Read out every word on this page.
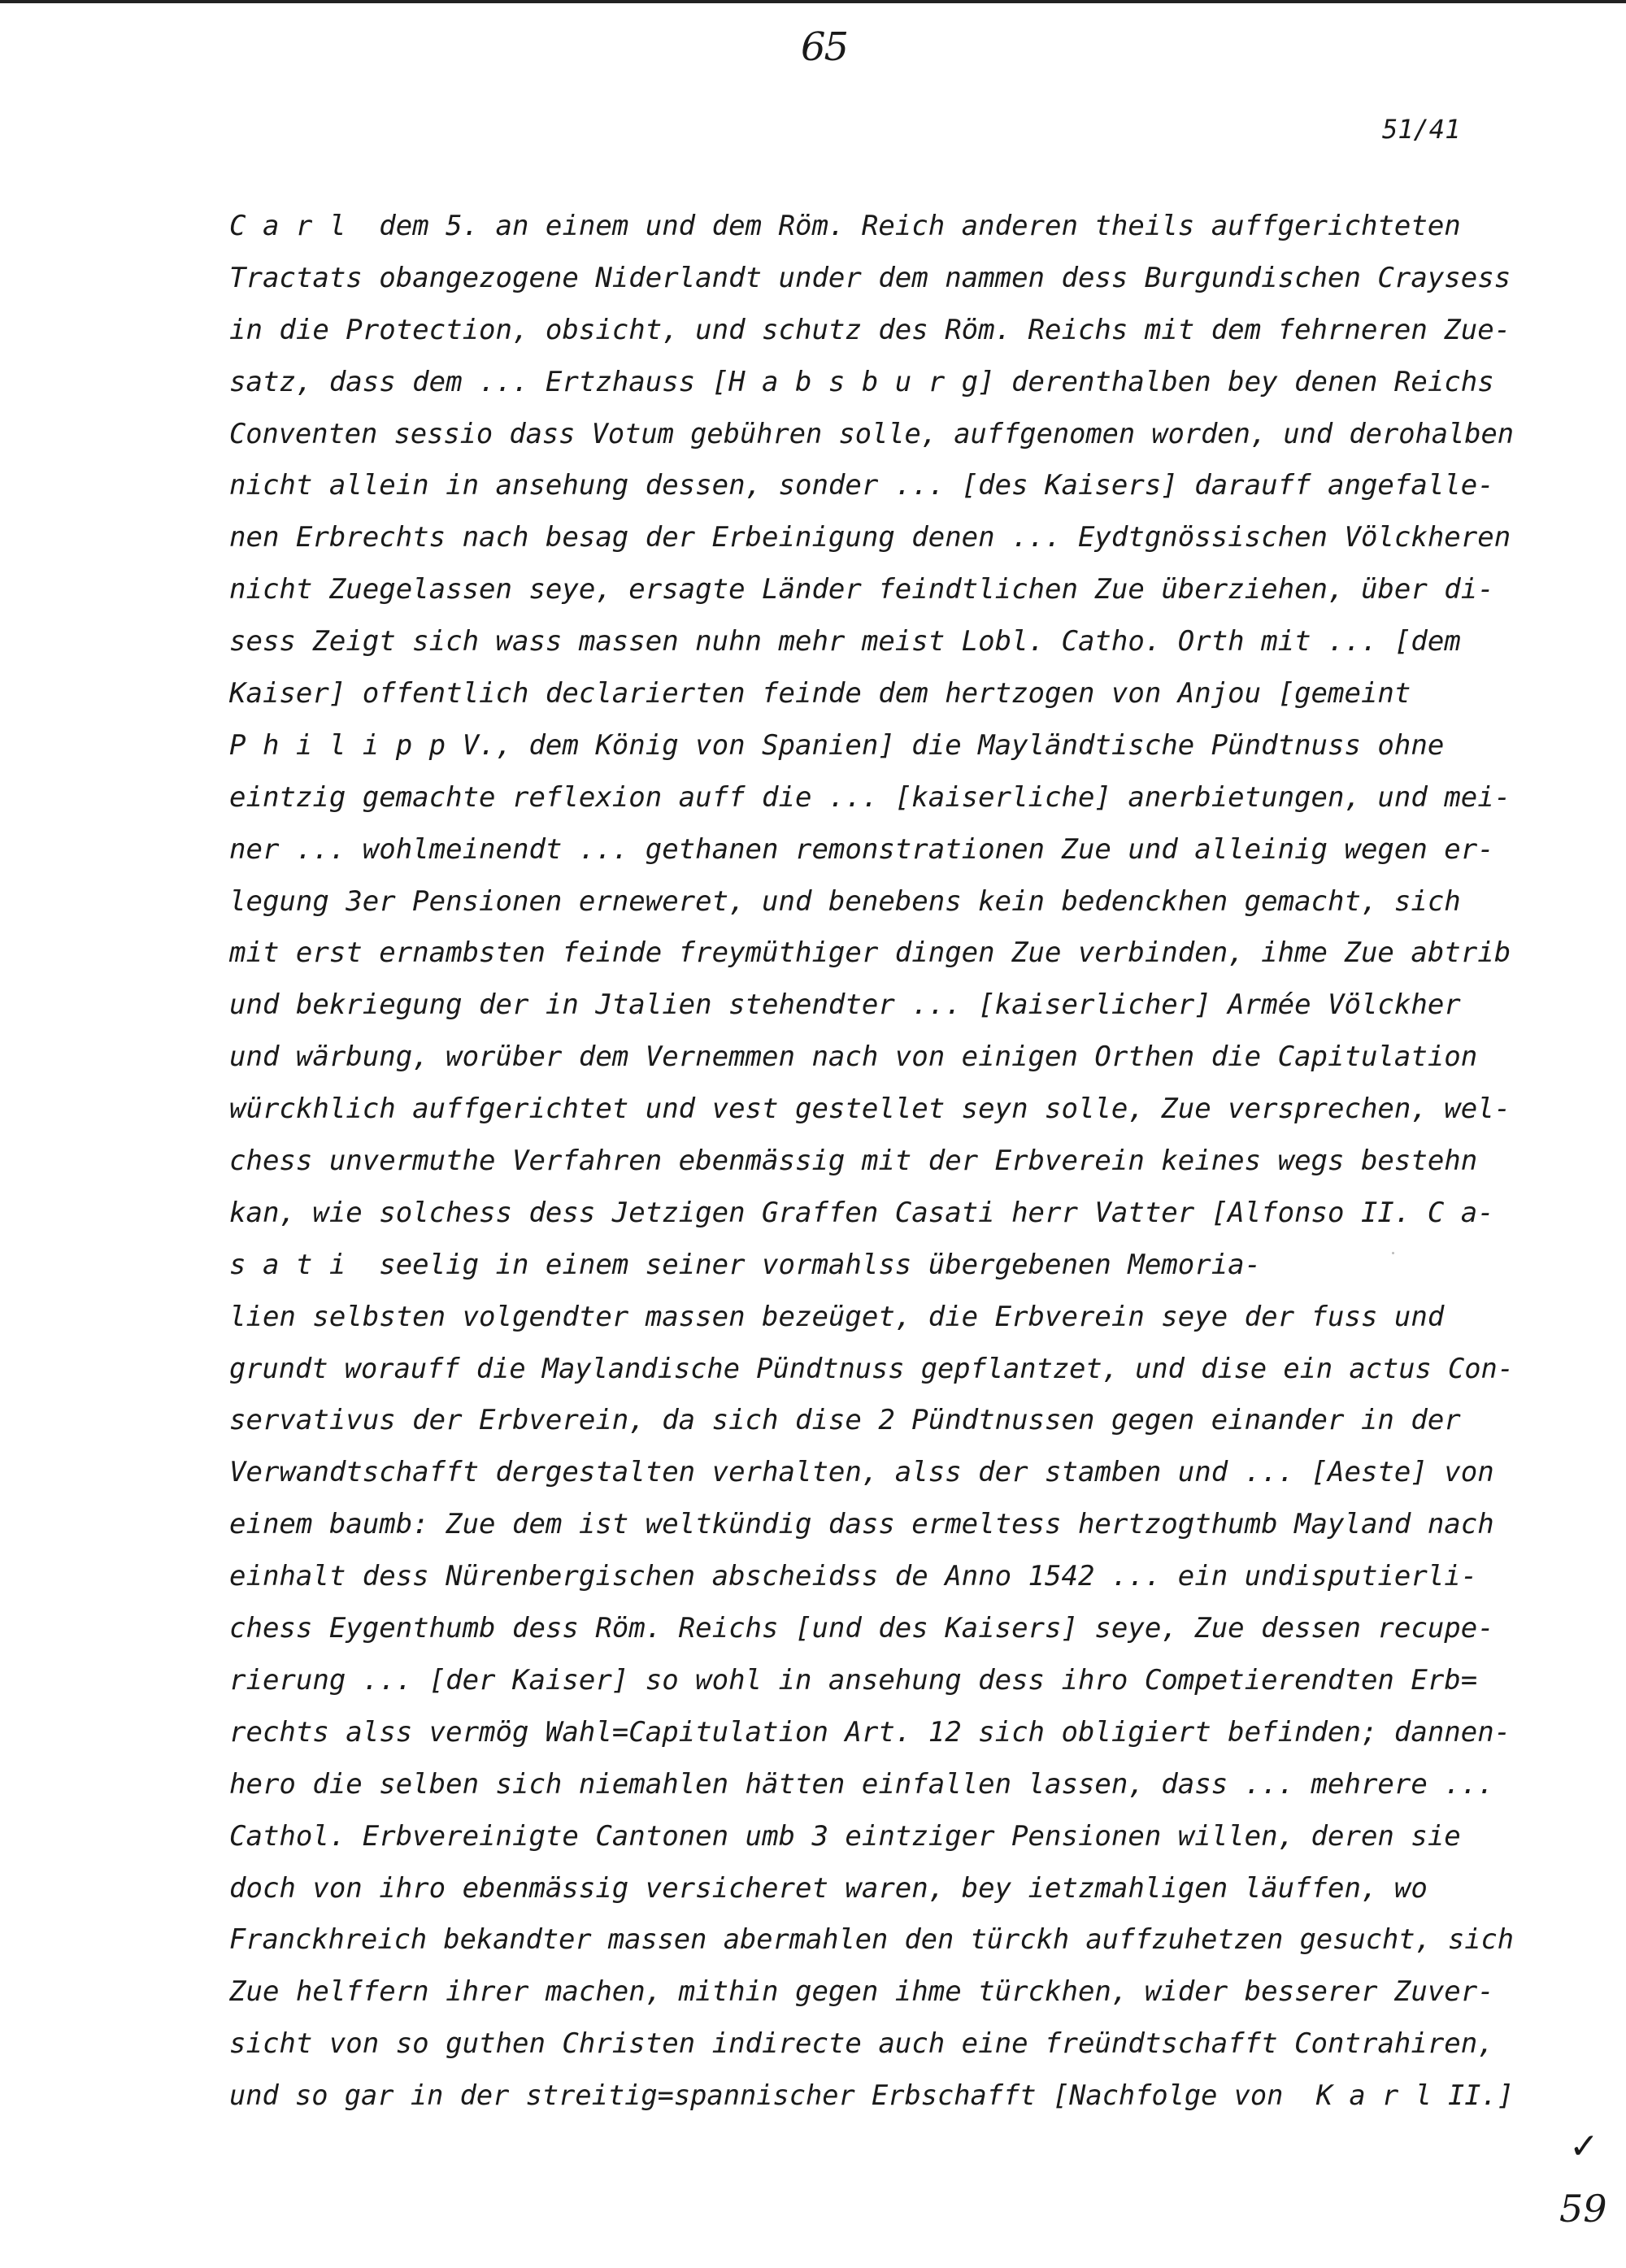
65
51/41
C a r l  dem 5. an einem und dem Röm. Reich anderen theils auffgerichteten
Tractats obangezogene Niderlandt under dem nammen dess Burgundischen Craysess
in die Protection, obsicht, und schutz des Röm. Reichs mit dem fehrneren Zue-
satz, dass dem ... Ertzhauss [H a b s b u r g] derenthalben bey denen Reichs
Conventen sessio dass Votum gebühren solle, auffgenomen worden, und derohalben
nicht allein in ansehung dessen, sonder ... [des Kaisers] darauff angefalle-
nen Erbrechts nach besag der Erbeinigung denen ... Eydtgnössischen Völckheren
nicht Zuegelassen seye, ersagte Länder feindtlichen Zue überziehen, über di-
sess Zeigt sich wass massen nuhn mehr meist Lobl. Catho. Orth mit ... [dem
Kaiser] offentlich declarierten feinde dem hertzogen von Anjou [gemeint
P h i l i p p V., dem König von Spanien] die Mayländtische Pündtnuss ohne
eintzig gemachte reflexion auff die ... [kaiserliche] anerbietungen, und mei-
ner ... wohlmeinendt ... gethanen remonstrationen Zue und alleinig wegen er-
legung 3er Pensionen erneweret, und benebens kein bedenckhen gemacht, sich
mit erst ernambsten feinde freymüthiger dingen Zue verbinden, ihme Zue abtrib
und bekriegung der in Jtalien stehendter ... [kaiserlicher] Armée Völckher
und wärbung, worüber dem Vernemmen nach von einigen Orthen die Capitulation
würckhlich auffgerichtet und vest gestellet seyn solle, Zue versprechen, wel-
chess unvermuthe Verfahren ebenmässig mit der Erbverein keines wegs bestehn
kan, wie solchess dess Jetzigen Graffen Casati herr Vatter [Alfonso II. C a-
s a t i  seelig in einem seiner vormahlss übergebenen Memoria-
lien selbsten volgendter massen bezeüget, die Erbverein seye der fuss und
grundt worauff die Maylandische Pündtnuss gepflantzet, und dise ein actus Con-
servativus der Erbverein, da sich dise 2 Pündtnussen gegen einander in der
Verwandtschafft dergestalten verhalten, alss der stamben und ... [Aeste] von
einem baumb: Zue dem ist weltkündig dass ermeltess hertzogthumb Mayland nach
einhalt dess Nürenbergischen abscheidss de Anno 1542 ... ein undisputierli-
chess Eygenthumb dess Röm. Reichs [und des Kaisers] seye, Zue dessen recupe-
rierung ... [der Kaiser] so wohl in ansehung dess ihro Competierendten Erb=
rechts alss vermög Wahl=Capitulation Art. 12 sich obligiert befinden; dannen-
hero die selben sich niemahlen hätten einfallen lassen, dass ... mehrere ...
Cathol. Erbvereinigte Cantonen umb 3 eintziger Pensionen willen, deren sie
doch von ihro ebenmässig versicheret waren, bey ietzmahligen läuffen, wo
Franckhreich bekandter massen abermahlen den türckh auffzuhetzen gesucht, sich
Zue helffern ihrer machen, mithin gegen ihme türckhen, wider besserer Zuver-
sicht von so guthen Christen indirecte auch eine freündtschafft Contrahiren,
und so gar in der streitig=spannischer Erbschafft [Nachfolge von  K a r l II.]
✓
59
